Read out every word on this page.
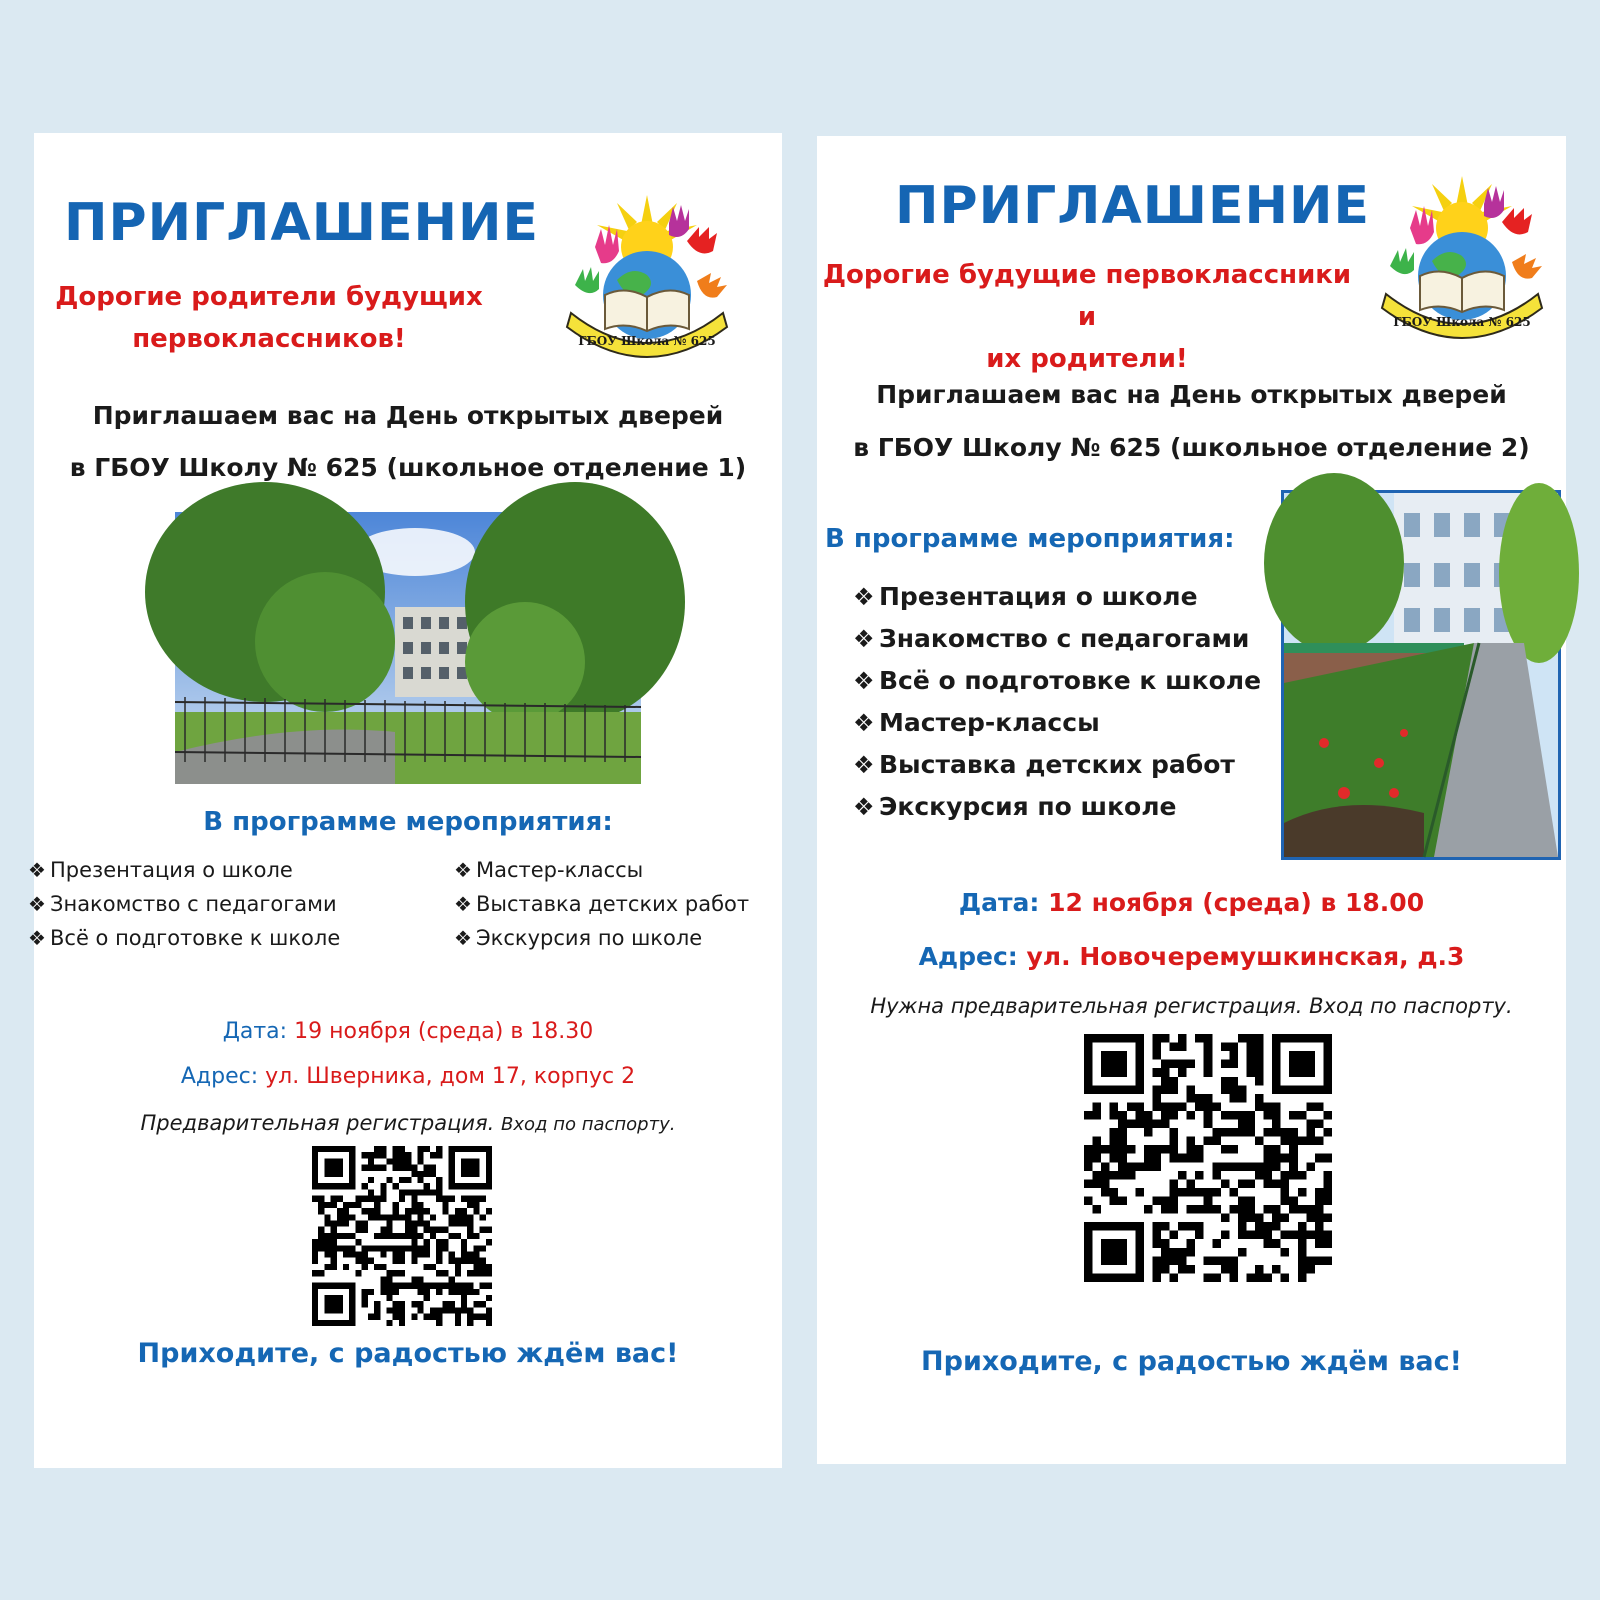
ПРИГЛАШЕНИЕ
Дорогие родители будущих
первоклассников!	ГБОУ Школа № 625
Приглашаем вас на День открытых дверей
в ГБОУ Школу № 625 (школьное отделение 1)
В программе мероприятия:
❖ Презентация о школе
❖ Знакомство с педагогами
❖ Всё о подготовке к школе
❖ Мастер-классы
❖ Выставка детских работ
❖ Экскурсия по школе
Дата: 19 ноября (среда) в 18.30
Адрес: ул. Шверника, дом 17, корпус 2
Предварительная регистрация. Вход по паспорту.
Приходите, с радостью ждём вас!
ПРИГЛАШЕНИЕ
Дорогие будущие первоклассники и
их родители!
ГБОУ Школа № 625
Приглашаем вас на День открытых дверей
в ГБОУ Школу № 625 (школьное отделение 2)
В программе мероприятия:
❖ Презентация о школе
❖ Знакомство с педагогами
❖ Всё о подготовке к школе
❖ Мастер-классы
❖ Выставка детских работ
❖ Экскурсия по школе
Дата: 12 ноября (среда) в 18.00
Адрес: ул. Новочеремушкинская, д.3
Нужна предварительная регистрация. Вход по паспорту.
Приходите, с радостью ждём вас!
